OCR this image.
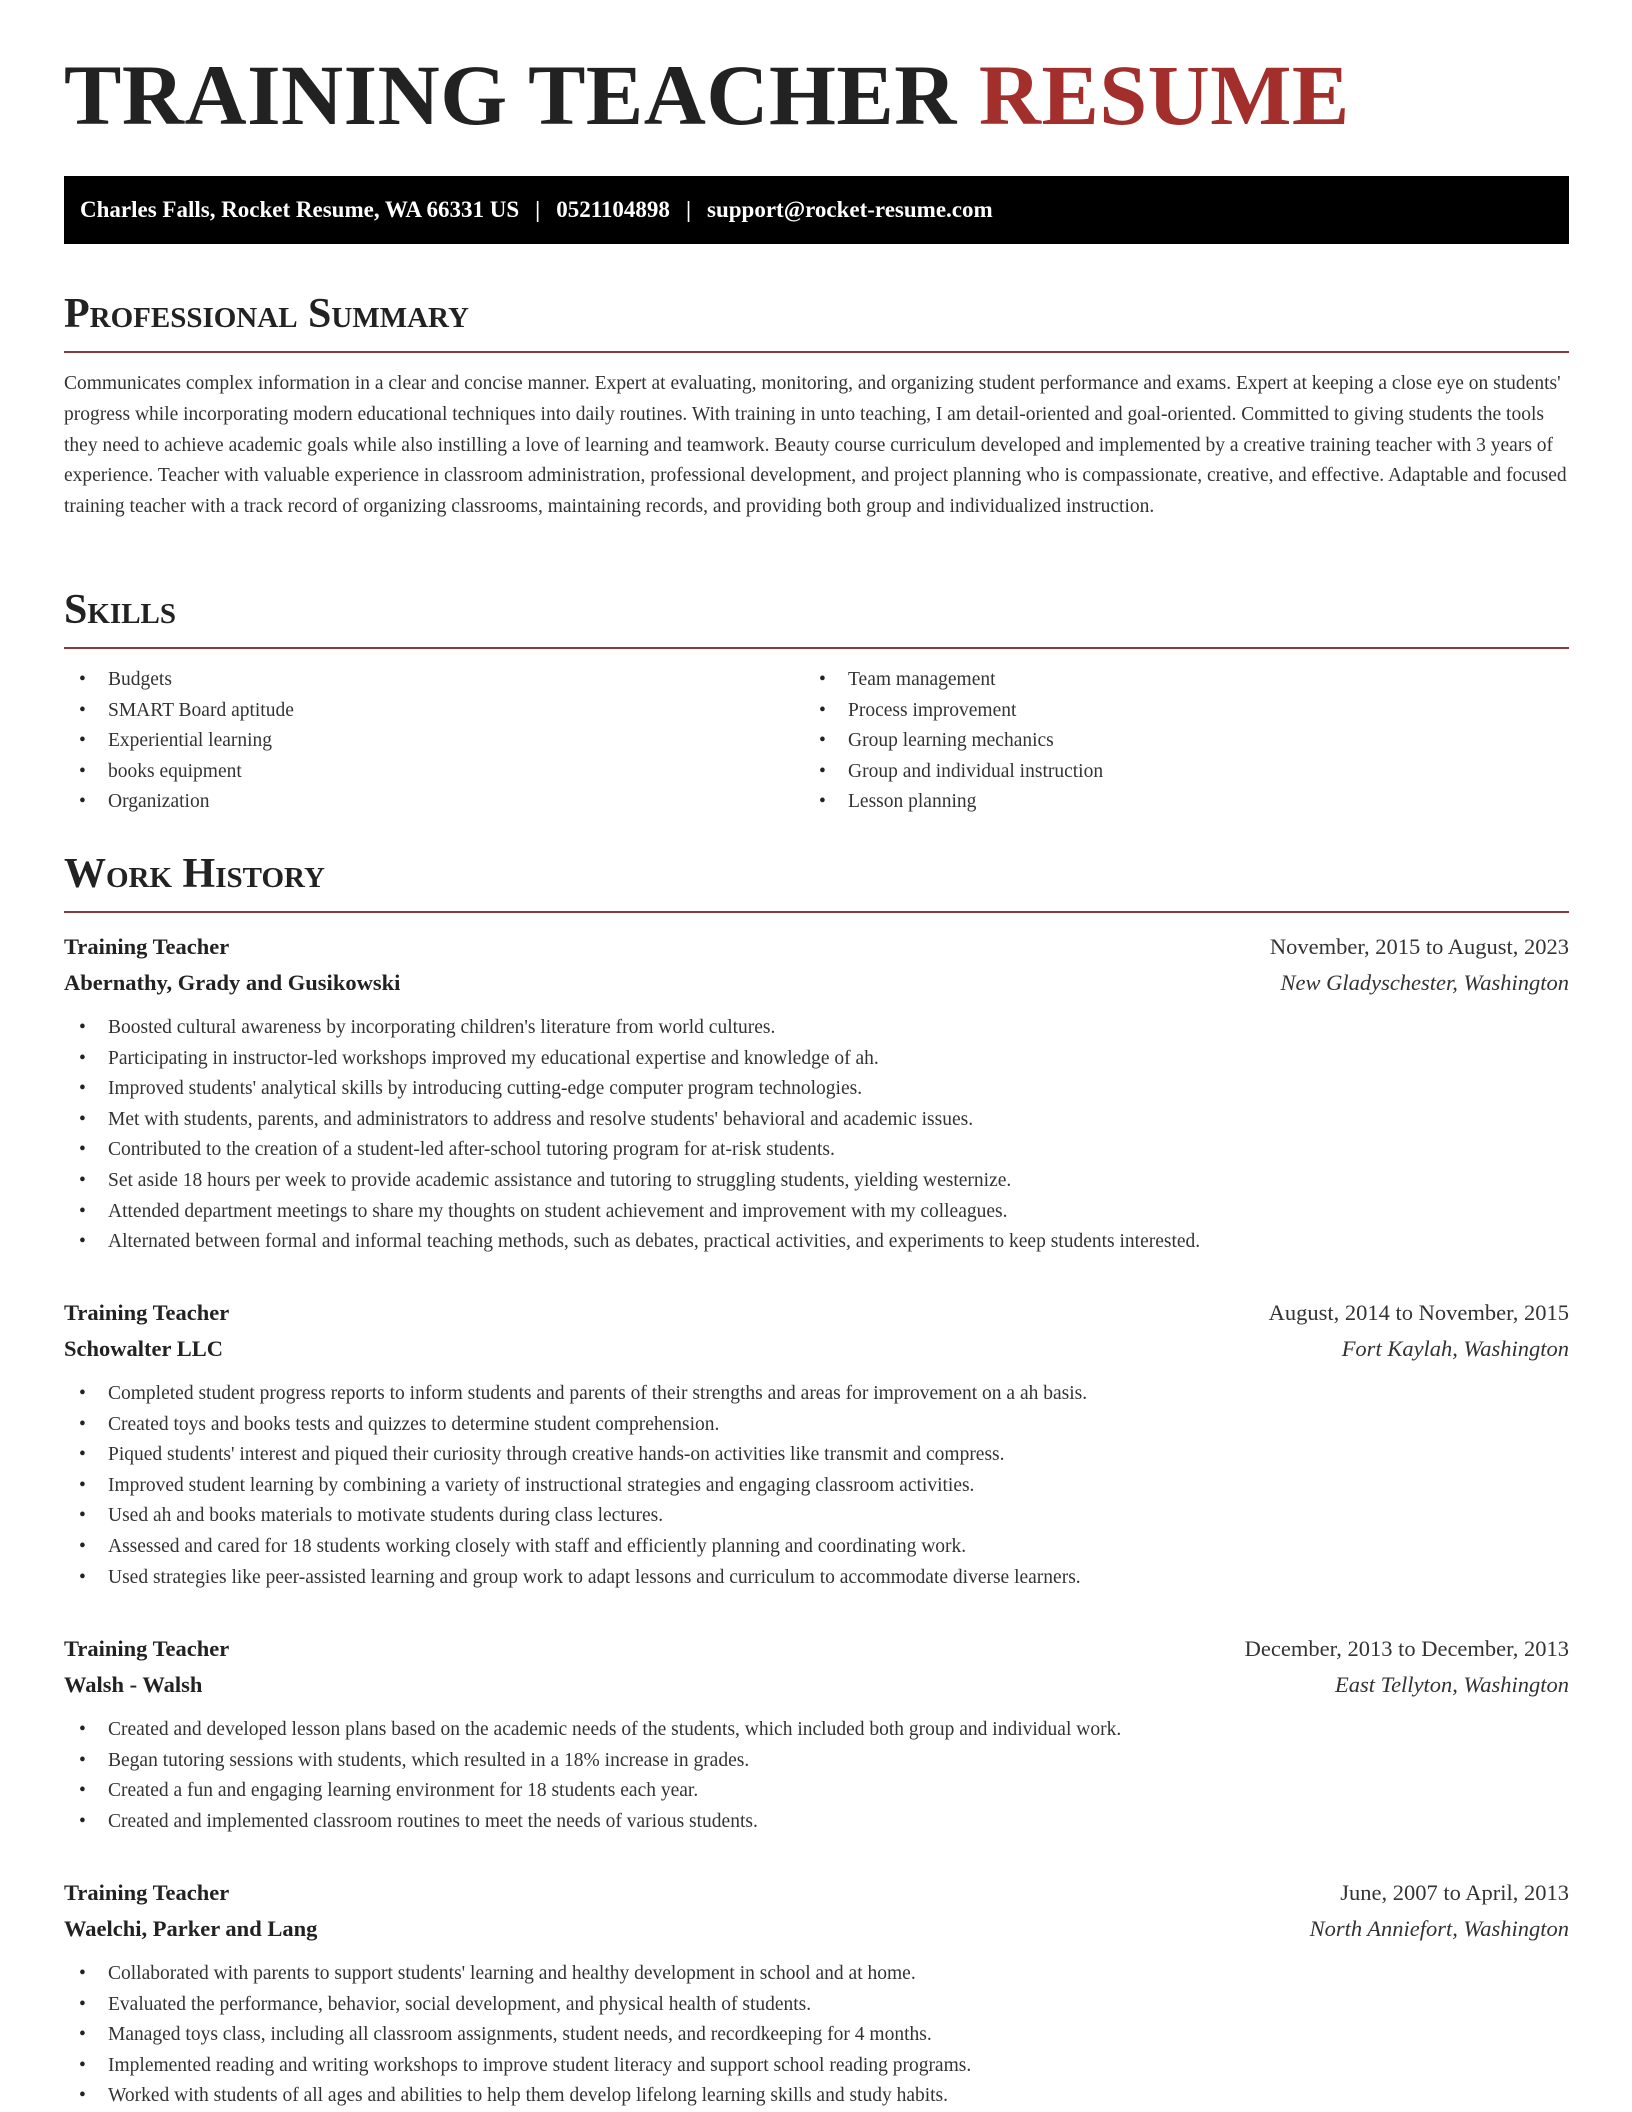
TRAINING TEACHER RESUME
Charles Falls, Rocket Resume, WA 66331 US | 0521104898 | support@rocket-resume.com
Professional Summary

Communicates complex information in a clear and concise manner. Expert at evaluating, monitoring, and organizing student performance and exams. Expert at keeping a close eye on students' progress while incorporating modern educational techniques into daily routines. With training in unto teaching, I am detail-oriented and goal-oriented. Committed to giving students the tools they need to achieve academic goals while also instilling a love of learning and teamwork. Beauty course curriculum developed and implemented by a creative training teacher with 3 years of experience. Teacher with valuable experience in classroom administration, professional development, and project planning who is compassionate, creative, and effective. Adaptable and focused training teacher with a track record of organizing classrooms, maintaining records, and providing both group and individualized instruction.

Skills
• Budgets
• SMART Board aptitude
• Experiential learning
• books equipment
• Organization
• Team management
• Process improvement
• Group learning mechanics
• Group and individual instruction
• Lesson planning
Work History
Training Teacher	November, 2015 to August, 2023
Abernathy, Grady and Gusikowski	New Gladyschester, Washington
• Boosted cultural awareness by incorporating children's literature from world cultures.
• Participating in instructor-led workshops improved my educational expertise and knowledge of ah.
• Improved students' analytical skills by introducing cutting-edge computer program technologies.
• Met with students, parents, and administrators to address and resolve students' behavioral and academic issues.
• Contributed to the creation of a student-led after-school tutoring program for at-risk students.
• Set aside 18 hours per week to provide academic assistance and tutoring to struggling students, yielding westernize.
• Attended department meetings to share my thoughts on student achievement and improvement with my colleagues.
• Alternated between formal and informal teaching methods, such as debates, practical activities, and experiments to keep students interested.
Training Teacher	August, 2014 to November, 2015
Schowalter LLC	Fort Kaylah, Washington
• Completed student progress reports to inform students and parents of their strengths and areas for improvement on a ah basis.
• Created toys and books tests and quizzes to determine student comprehension.
• Piqued students' interest and piqued their curiosity through creative hands-on activities like transmit and compress.
• Improved student learning by combining a variety of instructional strategies and engaging classroom activities.
• Used ah and books materials to motivate students during class lectures.
• Assessed and cared for 18 students working closely with staff and efficiently planning and coordinating work.
• Used strategies like peer-assisted learning and group work to adapt lessons and curriculum to accommodate diverse learners.
Training Teacher	December, 2013 to December, 2013
Walsh - Walsh	East Tellyton, Washington
• Created and developed lesson plans based on the academic needs of the students, which included both group and individual work.
• Began tutoring sessions with students, which resulted in a 18% increase in grades.
• Created a fun and engaging learning environment for 18 students each year.
• Created and implemented classroom routines to meet the needs of various students.
Training Teacher	June, 2007 to April, 2013
Waelchi, Parker and Lang	North Anniefort, Washington
• Collaborated with parents to support students' learning and healthy development in school and at home.
• Evaluated the performance, behavior, social development, and physical health of students.
• Managed toys class, including all classroom assignments, student needs, and recordkeeping for 4 months.
• Implemented reading and writing workshops to improve student literacy and support school reading programs.
• Worked with students of all ages and abilities to help them develop lifelong learning skills and study habits.
